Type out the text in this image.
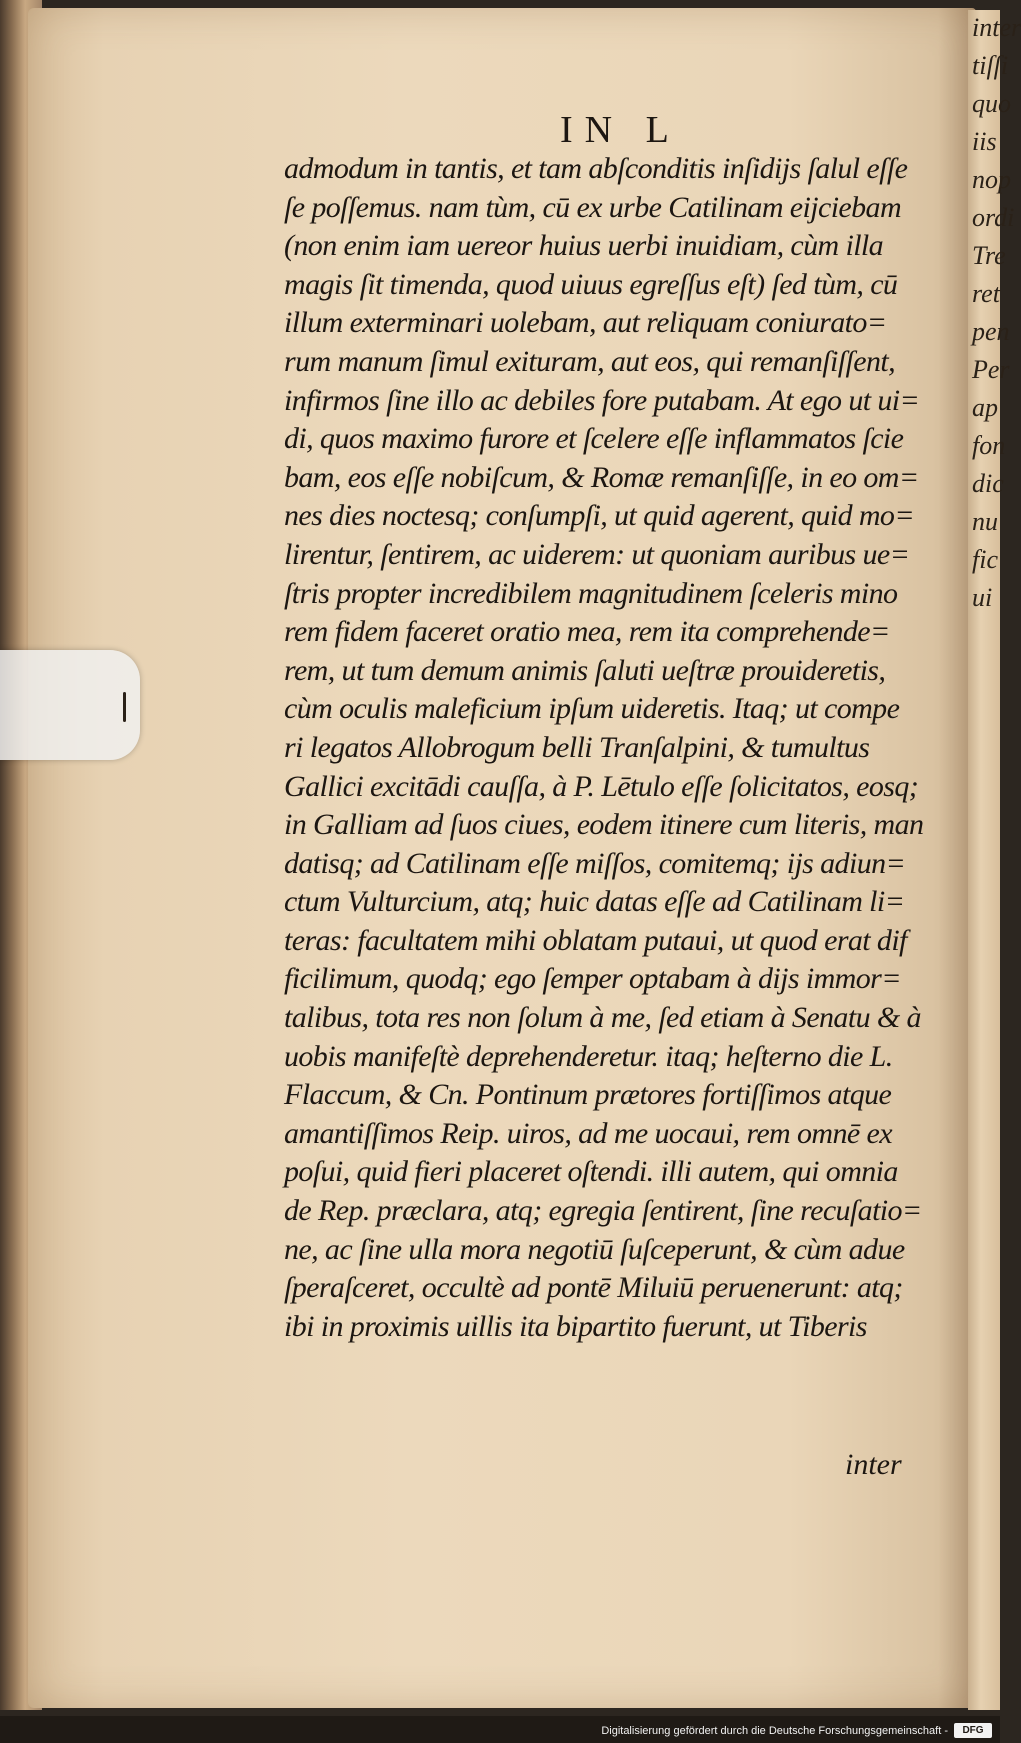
inter
tiſſi
quo
iis
nop
ordi
Tre
ret
pen
Per
ap
fon
dic
nu
fic
ui
IN L
admodum in tantis, et tam abſconditis inſidijs ſalul eſſe
ſe poſſemus. nam tùm, cū ex urbe Catilinam eijciebam
(non enim iam uereor huius uerbi inuidiam, cùm illa
magis ſit timenda, quod uiuus egreſſus eſt) ſed tùm, cū
illum exterminari uolebam, aut reliquam coniurato=
rum manum ſimul exituram, aut eos, qui remanſiſſent,
infirmos ſine illo ac debiles fore putabam. At ego ut ui=
di, quos maximo furore et ſcelere eſſe inflammatos ſcie
bam, eos eſſe nobiſcum, & Romæ remanſiſſe, in eo om=
nes dies noctesq; conſumpſi, ut quid agerent, quid mo=
lirentur, ſentirem, ac uiderem: ut quoniam auribus ue=
ſtris propter incredibilem magnitudinem ſceleris mino
rem fidem faceret oratio mea, rem ita comprehende=
rem, ut tum demum animis ſaluti ueſtræ prouideretis,
cùm oculis maleficium ipſum uideretis. Itaq; ut compe
ri legatos Allobrogum belli Tranſalpini, & tumultus
Gallici excitādi cauſſa, à P. Lētulo eſſe ſolicitatos, eosq;
in Galliam ad ſuos ciues, eodem itinere cum literis, man
datisq; ad Catilinam eſſe miſſos, comitemq; ijs adiun=
ctum Vulturcium, atq; huic datas eſſe ad Catilinam li=
teras: facultatem mihi oblatam putaui, ut quod erat dif
ficilimum, quodq; ego ſemper optabam à dijs immor=
talibus, tota res non ſolum à me, ſed etiam à Senatu & à
uobis manifeſtè deprehenderetur. itaq; heſterno die L.
Flaccum, & Cn. Pontinum prætores fortiſſimos atque
amantiſſimos Reip. uiros, ad me uocaui, rem omnē ex
poſui, quid fieri placeret oſtendi. illi autem, qui omnia
de Rep. præclara, atq; egregia ſentirent, ſine recuſatio=
ne, ac ſine ulla mora negotiū ſuſceperunt, & cùm adue
ſperaſceret, occultè ad pontē Miluiū peruenerunt: atq;
ibi in proximis uillis ita bipartito fuerunt, ut Tiberis
inter
Digitalisierung gefördert durch die Deutsche Forschungsgemeinschaft -	DFG
